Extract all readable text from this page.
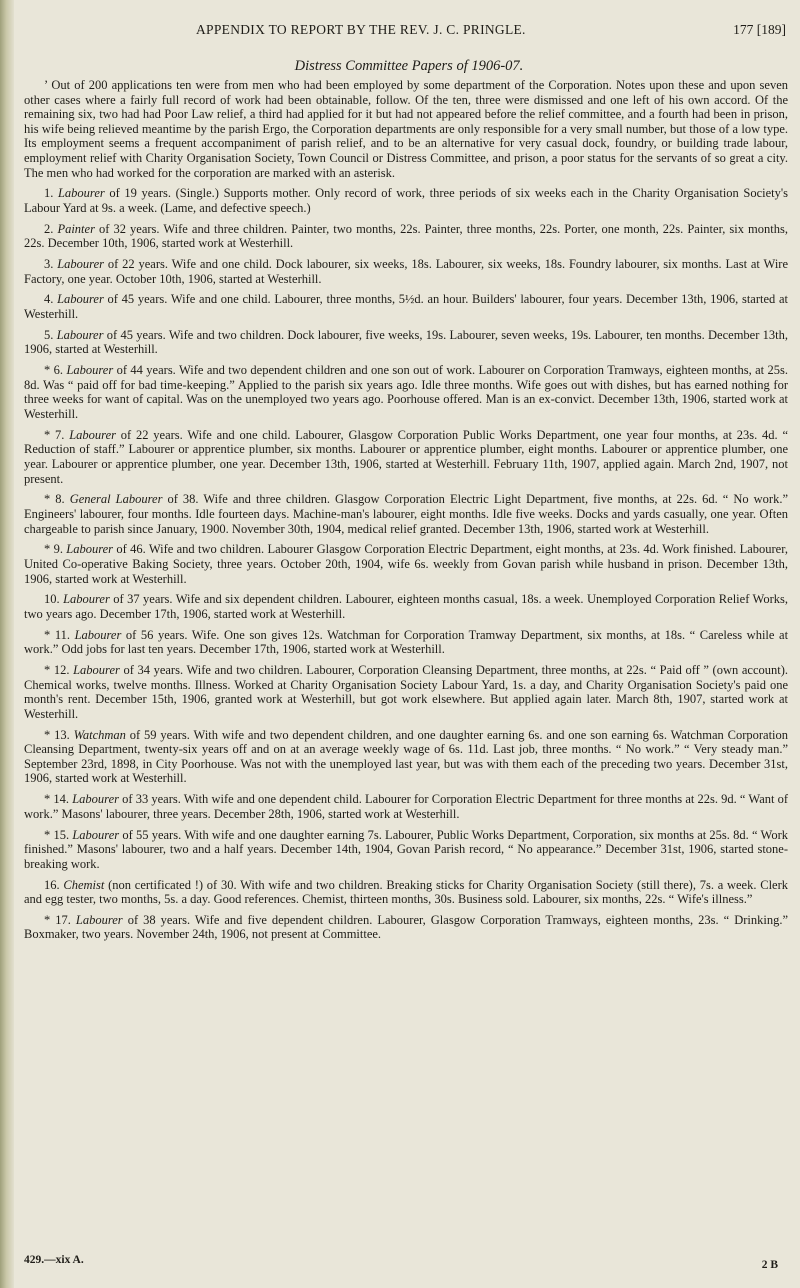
APPENDIX TO REPORT BY THE REV. J. C. PRINGLE.	177 [189]
Distress Committee Papers of 1906-07.

’ Out of 200 applications ten were from men who had been employed by some department of the Corporation. Notes upon these and upon seven other cases where a fairly full record of work had been obtainable, follow. Of the ten, three were dismissed and one left of his own accord. Of the remaining six, two had had Poor Law relief, a third had applied for it but had not appeared before the relief committee, and a fourth had been in prison, his wife being relieved meantime by the parish Ergo, the Corporation departments are only responsible for a very small number, but those of a low type. Its employment seems a frequent accompaniment of parish relief, and to be an alternative for very casual dock, foundry, or building trade labour, employment relief with Charity Organisation Society, Town Council or Distress Committee, and prison, a poor status for the servants of so great a city. The men who had worked for the corporation are marked with an asterisk.

1. Labourer of 19 years. (Single.) Supports mother. Only record of work, three periods of six weeks each in the Charity Organisation Society's Labour Yard at 9s. a week. (Lame, and defective speech.)

2. Painter of 32 years. Wife and three children. Painter, two months, 22s. Painter, three months, 22s. Porter, one month, 22s. Painter, six months, 22s. December 10th, 1906, started work at Westerhill.

3. Labourer of 22 years. Wife and one child. Dock labourer, six weeks, 18s. Labourer, six weeks, 18s. Foundry labourer, six months. Last at Wire Factory, one year. October 10th, 1906, started at Westerhill.

4. Labourer of 45 years. Wife and one child. Labourer, three months, 5½d. an hour. Builders' labourer, four years. December 13th, 1906, started at Westerhill.

5. Labourer of 45 years. Wife and two children. Dock labourer, five weeks, 19s. Labourer, seven weeks, 19s. Labourer, ten months. December 13th, 1906, started at Westerhill.

* 6. Labourer of 44 years. Wife and two dependent children and one son out of work. Labourer on Corporation Tramways, eighteen months, at 25s. 8d. Was “ paid off for bad time-keeping.” Applied to the parish six years ago. Idle three months. Wife goes out with dishes, but has earned nothing for three weeks for want of capital. Was on the unemployed two years ago. Poorhouse offered. Man is an ex-convict. December 13th, 1906, started work at Westerhill.

* 7. Labourer of 22 years. Wife and one child. Labourer, Glasgow Corporation Public Works Department, one year four months, at 23s. 4d. “ Reduction of staff.” Labourer or apprentice plumber, six months. Labourer or apprentice plumber, eight months. Labourer or apprentice plumber, one year. Labourer or apprentice plumber, one year. December 13th, 1906, started at Westerhill. February 11th, 1907, applied again. March 2nd, 1907, not present.

* 8. General Labourer of 38. Wife and three children. Glasgow Corporation Electric Light Department, five months, at 22s. 6d. “ No work.” Engineers' labourer, four months. Idle fourteen days. Machine-man's labourer, eight months. Idle five weeks. Docks and yards casually, one year. Often chargeable to parish since January, 1900. November 30th, 1904, medical relief granted. December 13th, 1906, started work at Westerhill.

* 9. Labourer of 46. Wife and two children. Labourer Glasgow Corporation Electric Department, eight months, at 23s. 4d. Work finished. Labourer, United Co-operative Baking Society, three years. October 20th, 1904, wife 6s. weekly from Govan parish while husband in prison. December 13th, 1906, started work at Westerhill.

10. Labourer of 37 years. Wife and six dependent children. Labourer, eighteen months casual, 18s. a week. Unemployed Corporation Relief Works, two years ago. December 17th, 1906, started work at Westerhill.

* 11. Labourer of 56 years. Wife. One son gives 12s. Watchman for Corporation Tramway Department, six months, at 18s. “ Careless while at work.” Odd jobs for last ten years. December 17th, 1906, started work at Westerhill.

* 12. Labourer of 34 years. Wife and two children. Labourer, Corporation Cleansing Department, three months, at 22s. “ Paid off ” (own account). Chemical works, twelve months. Illness. Worked at Charity Organisation Society Labour Yard, 1s. a day, and Charity Organisation Society's paid one month's rent. December 15th, 1906, granted work at Westerhill, but got work elsewhere. But applied again later. March 8th, 1907, started work at Westerhill.

* 13. Watchman of 59 years. With wife and two dependent children, and one daughter earning 6s. and one son earning 6s. Watchman Corporation Cleansing Department, twenty-six years off and on at an average weekly wage of 6s. 11d. Last job, three months. “ No work.” “ Very steady man.” September 23rd, 1898, in City Poorhouse. Was not with the unemployed last year, but was with them each of the preceding two years. December 31st, 1906, started work at Westerhill.

* 14. Labourer of 33 years. With wife and one dependent child. Labourer for Corporation Electric Department for three months at 22s. 9d. “ Want of work.” Masons' labourer, three years. December 28th, 1906, started work at Westerhill.

* 15. Labourer of 55 years. With wife and one daughter earning 7s. Labourer, Public Works Department, Corporation, six months at 25s. 8d. “ Work finished.” Masons' labourer, two and a half years. December 14th, 1904, Govan Parish record, “ No appearance.” December 31st, 1906, started stone-breaking work.

16. Chemist (non certificated !) of 30. With wife and two children. Breaking sticks for Charity Organisation Society (still there), 7s. a week. Clerk and egg tester, two months, 5s. a day. Good references. Chemist, thirteen months, 30s. Business sold. Labourer, six months, 22s. “ Wife's illness.”

* 17. Labourer of 38 years. Wife and five dependent children. Labourer, Glasgow Corporation Tramways, eighteen months, 23s. “ Drinking.” Boxmaker, two years. November 24th, 1906, not present at Committee.

429.—xix A.	2 B
